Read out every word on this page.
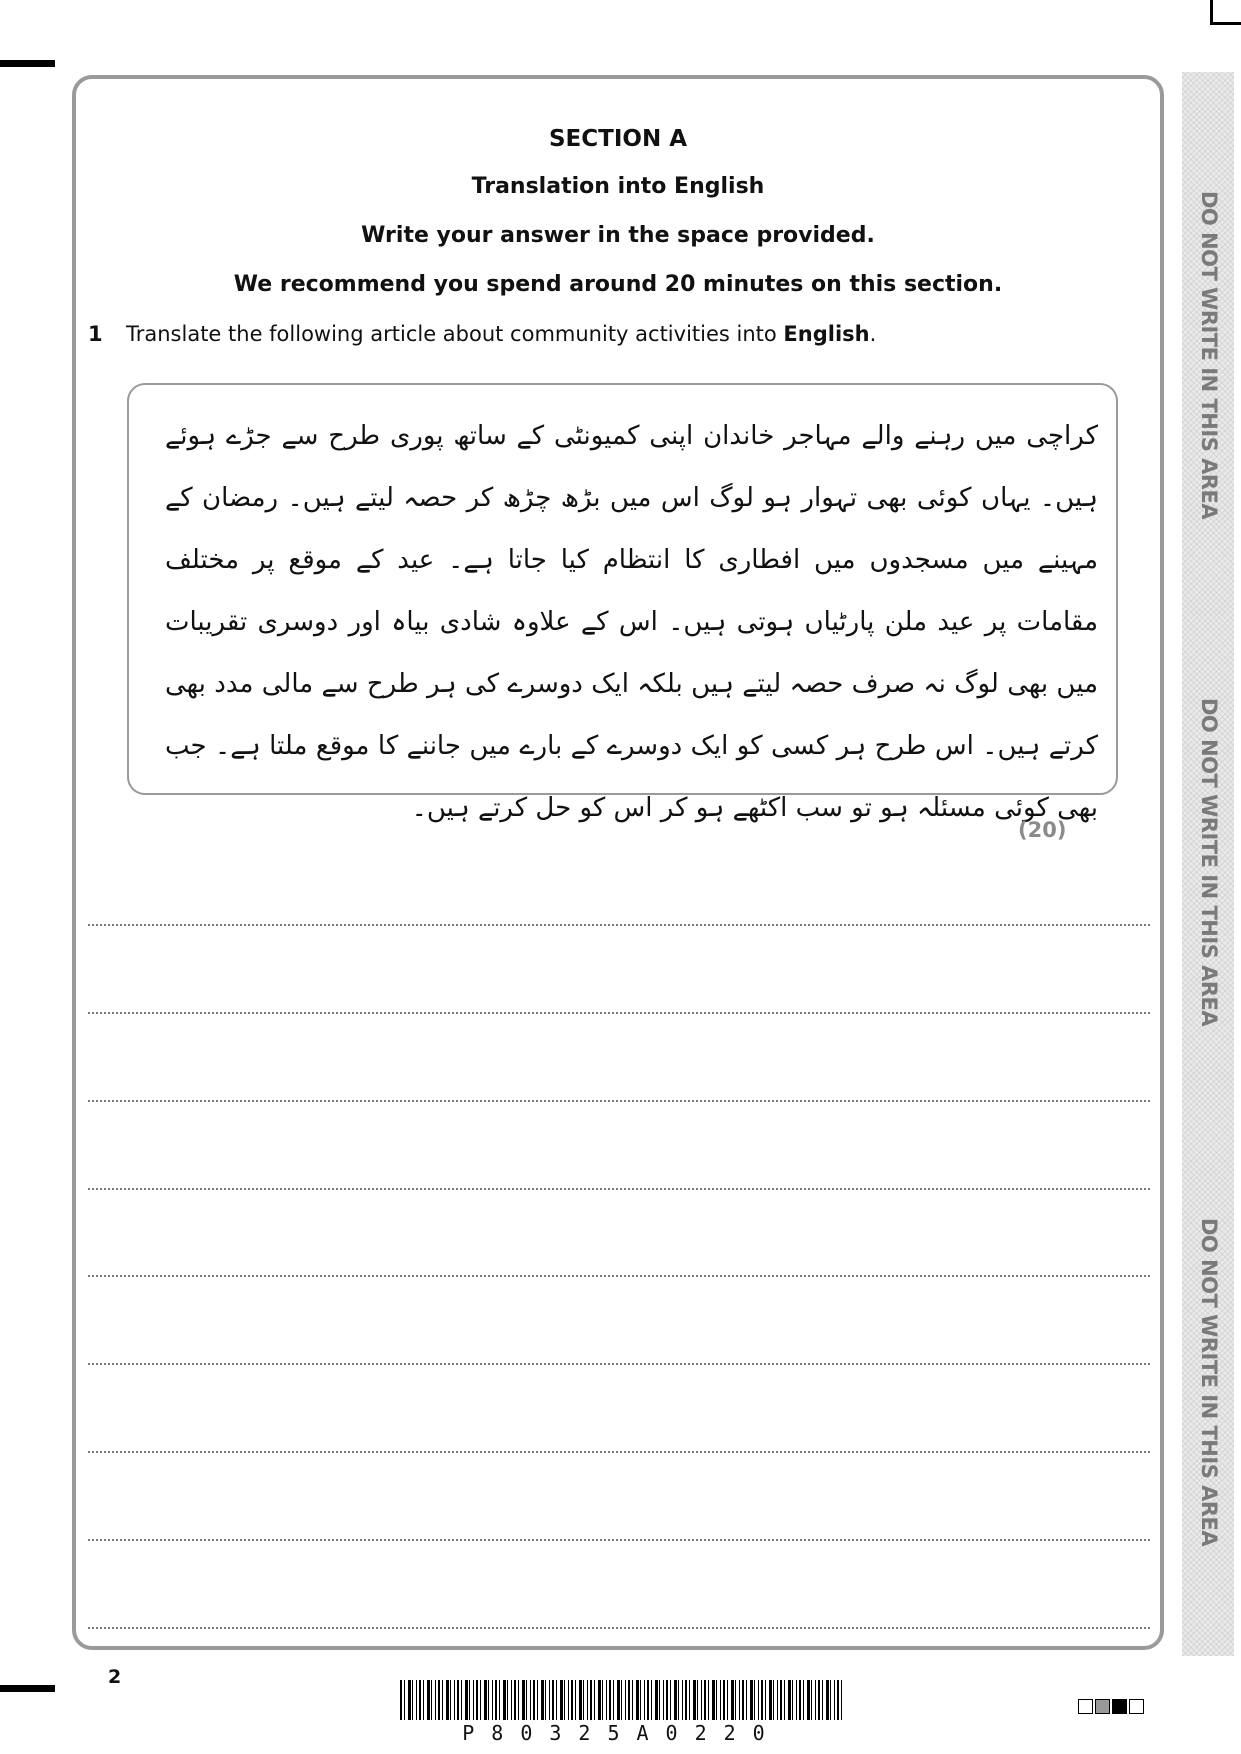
DO NOT WRITE IN THIS AREA
DO NOT WRITE IN THIS AREA
DO NOT WRITE IN THIS AREA
SECTION A
Translation into English
Write your answer in the space provided.
We recommend you spend around 20 minutes on this section.
1 Translate the following article about community activities into English.

کراچی میں رہنے والے مہاجر خاندان اپنی کمیونٹی کے ساتھ پوری طرح سے جڑے ہوئے ہیں۔ یہاں کوئی بھی تہوار ہو لوگ اس میں بڑھ چڑھ کر حصہ لیتے ہیں۔ رمضان کے مہینے میں مسجدوں میں افطاری کا انتظام کیا جاتا ہے۔ عید کے موقع پر مختلف مقامات پر عید ملن پارٹیاں ہوتی ہیں۔ اس کے علاوہ شادی بیاہ اور دوسری تقریبات میں بھی لوگ نہ صرف حصہ لیتے ہیں بلکہ ایک دوسرے کی ہر طرح سے مالی مدد بھی کرتے ہیں۔ اس طرح ہر کسی کو ایک دوسرے کے بارے میں جاننے کا موقع ملتا ہے۔ جب بھی کوئی مسئلہ ہو تو سب اکٹھے ہو کر اس کو حل کرتے ہیں۔

(20)
2
P80325A0220
